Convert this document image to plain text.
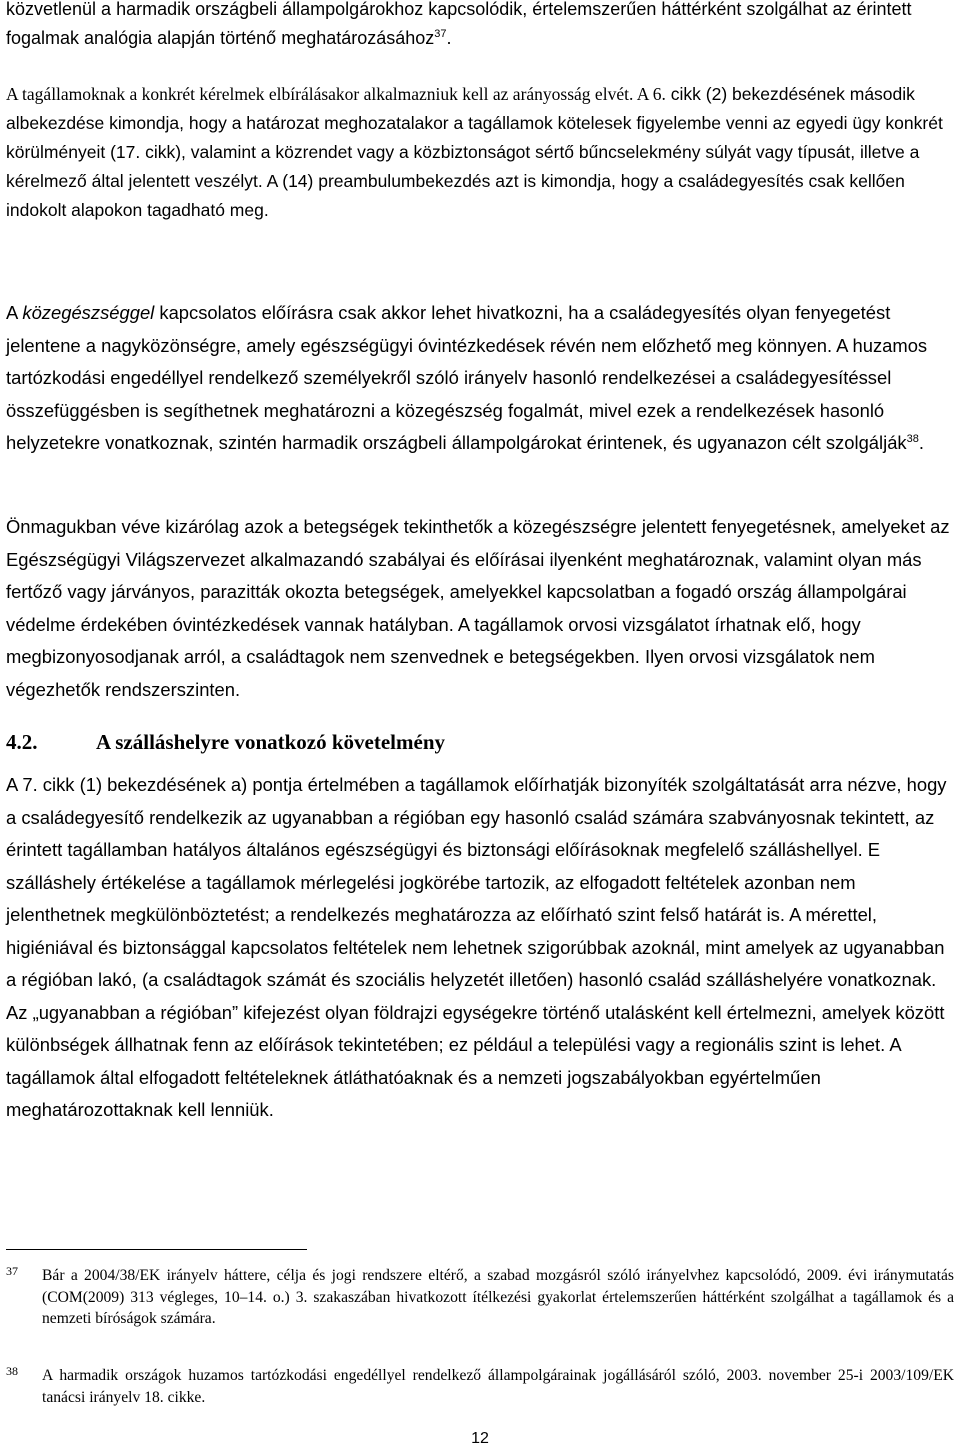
közvetlenül a harmadik országbeli állampolgárokhoz kapcsolódik, értelemszerűen háttérként szolgálhat az érintett fogalmak analógia alapján történő meghatározásához$^{37}$.

A tagállamoknak a konkrét kérelmek elbírálásakor alkalmazniuk kell az arányosság elvét. A 6. cikk (2) bekezdésének második albekezdése kimondja, hogy a határozat meghozatalakor a tagállamok kötelesek figyelembe venni az egyedi ügy konkrét körülményeit (17. cikk), valamint a közrendet vagy a közbiztonságot sértő bűncselekmény súlyát vagy típusát, illetve a kérelmező által jelentett veszélyt. A (14) preambulumbekezdés azt is kimondja, hogy a családegyesítés csak kellően indokolt alapokon tagadható meg.

A közegészséggel kapcsolatos előírásra csak akkor lehet hivatkozni, ha a családegyesítés olyan fenyegetést jelentene a nagyközönségre, amely egészségügyi óvintézkedések révén nem előzhető meg könnyen. A huzamos tartózkodási engedéllyel rendelkező személyekről szóló irányelv hasonló rendelkezései a családegyesítéssel összefüggésben is segíthetnek meghatározni a közegészség fogalmát, mivel ezek a rendelkezések hasonló helyzetekre vonatkoznak, szintén harmadik országbeli állampolgárokat érintenek, és ugyanazon célt szolgálják$^{38}$.

Önmagukban véve kizárólag azok a betegségek tekinthetők a közegészségre jelentett fenyegetésnek, amelyeket az Egészségügyi Világszervezet alkalmazandó szabályai és előírásai ilyenként meghatároznak, valamint olyan más fertőző vagy járványos, parazitták okozta betegségek, amelyekkel kapcsolatban a fogadó ország állampolgárai védelme érdekében óvintézkedések vannak hatályban. A tagállamok orvosi vizsgálatot írhatnak elő, hogy megbizonyosodjanak arról, a családtagok nem szenvednek e betegségekben. Ilyen orvosi vizsgálatok nem végezhetők rendszerszinten.

4.2.	A szálláshelyre vonatkozó követelmény

A 7. cikk (1) bekezdésének a) pontja értelmében a tagállamok előírhatják bizonyíték szolgáltatását arra nézve, hogy a családegyesítő rendelkezik az ugyanabban a régióban egy hasonló család számára szabványosnak tekintett, az érintett tagállamban hatályos általános egészségügyi és biztonsági előírásoknak megfelelő szálláshellyel. E szálláshely értékelése a tagállamok mérlegelési jogkörébe tartozik, az elfogadott feltételek azonban nem jelenthetnek megkülönböztetést; a rendelkezés meghatározza az előírható szint felső határát is. A mérettel, higiéniával és biztonsággal kapcsolatos feltételek nem lehetnek szigorúbbak azoknál, mint amelyek az ugyanabban a régióban lakó, (a családtagok számát és szociális helyzetét illetően) hasonló család szálláshelyére vonatkoznak. Az „ugyanabban a régióban” kifejezést olyan földrajzi egységekre történő utalásként kell értelmezni, amelyek között különbségek állhatnak fenn az előírások tekintetében; ez például a települési vagy a regionális szint is lehet. A tagállamok által elfogadott feltételeknek átláthatóaknak és a nemzeti jogszabályokban egyértelműen meghatározottaknak kell lenniük.

37 Bár a 2004/38/EK irányelv háttere, célja és jogi rendszere eltérő, a szabad mozgásról szóló irányelvhez kapcsolódó, 2009. évi iránymutatás (COM(2009) 313 végleges, 10–14. o.) 3. szakaszában hivatkozott ítélkezési gyakorlat értelemszerűen háttérként szolgálhat a tagállamok és a nemzeti bíróságok számára.
38 A harmadik országok huzamos tartózkodási engedéllyel rendelkező állampolgárainak jogállásáról szóló, 2003. november 25-i 2003/109/EK tanácsi irányelv 18. cikke.
12
